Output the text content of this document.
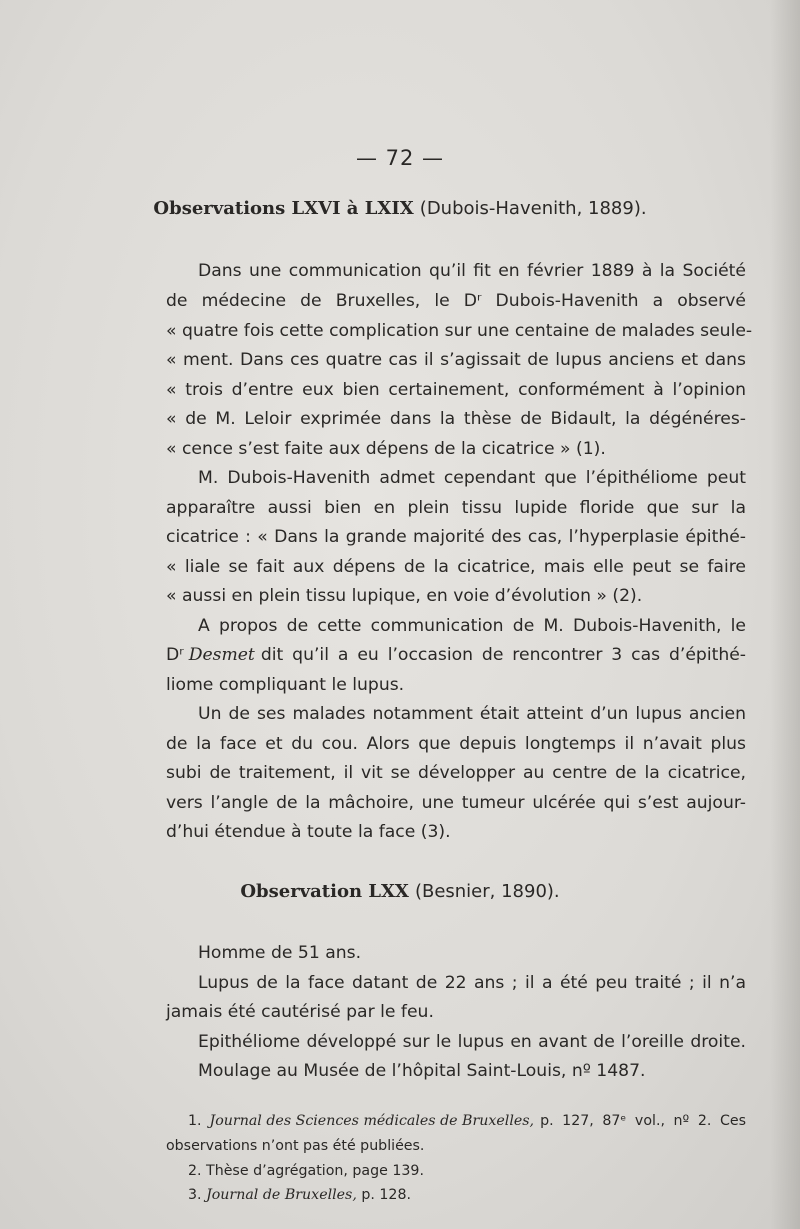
— 72 —
Observations LXVI à LXIX (Dubois-Havenith, 1889).
Dans une communication qu’il fit en février 1889 à la Société
de médecine de Bruxelles, le Dʳ Dubois-Havenith a observé
« quatre fois cette complication sur une centaine de malades seule-
« ment. Dans ces quatre cas il s’agissait de lupus anciens et dans
« trois d’entre eux bien certainement, conformément à l’opinion
« de M. Leloir exprimée dans la thèse de Bidault, la dégénéres-
« cence s’est faite aux dépens de la cicatrice » (1).
M. Dubois-Havenith admet cependant que l’épithéliome peut
apparaître aussi bien en plein tissu lupide floride que sur la
cicatrice : « Dans la grande majorité des cas, l’hyperplasie épithé-
« liale se fait aux dépens de la cicatrice, mais elle peut se faire
« aussi en plein tissu lupique, en voie d’évolution » (2).
A propos de cette communication de M. Dubois-Havenith, le
Dʳ Desmet dit qu’il a eu l’occasion de rencontrer 3 cas d’épithé-
liome compliquant le lupus.
Un de ses malades notamment était atteint d’un lupus ancien
de la face et du cou. Alors que depuis longtemps il n’avait plus
subi de traitement, il vit se développer au centre de la cicatrice,
vers l’angle de la mâchoire, une tumeur ulcérée qui s’est aujour-
d’hui étendue à toute la face (3).
Observation LXX (Besnier, 1890).
Homme de 51 ans.
Lupus de la face datant de 22 ans ; il a été peu traité ; il n’a
jamais été cautérisé par le feu.
Epithéliome développé sur le lupus en avant de l’oreille droite.
Moulage au Musée de l’hôpital Saint-Louis, nº 1487.
1. Journal des Sciences médicales de Bruxelles, p. 127, 87ᵉ vol., nº 2. Ces
observations n’ont pas été publiées.
2. Thèse d’agrégation, page 139.
3. Journal de Bruxelles, p. 128.
